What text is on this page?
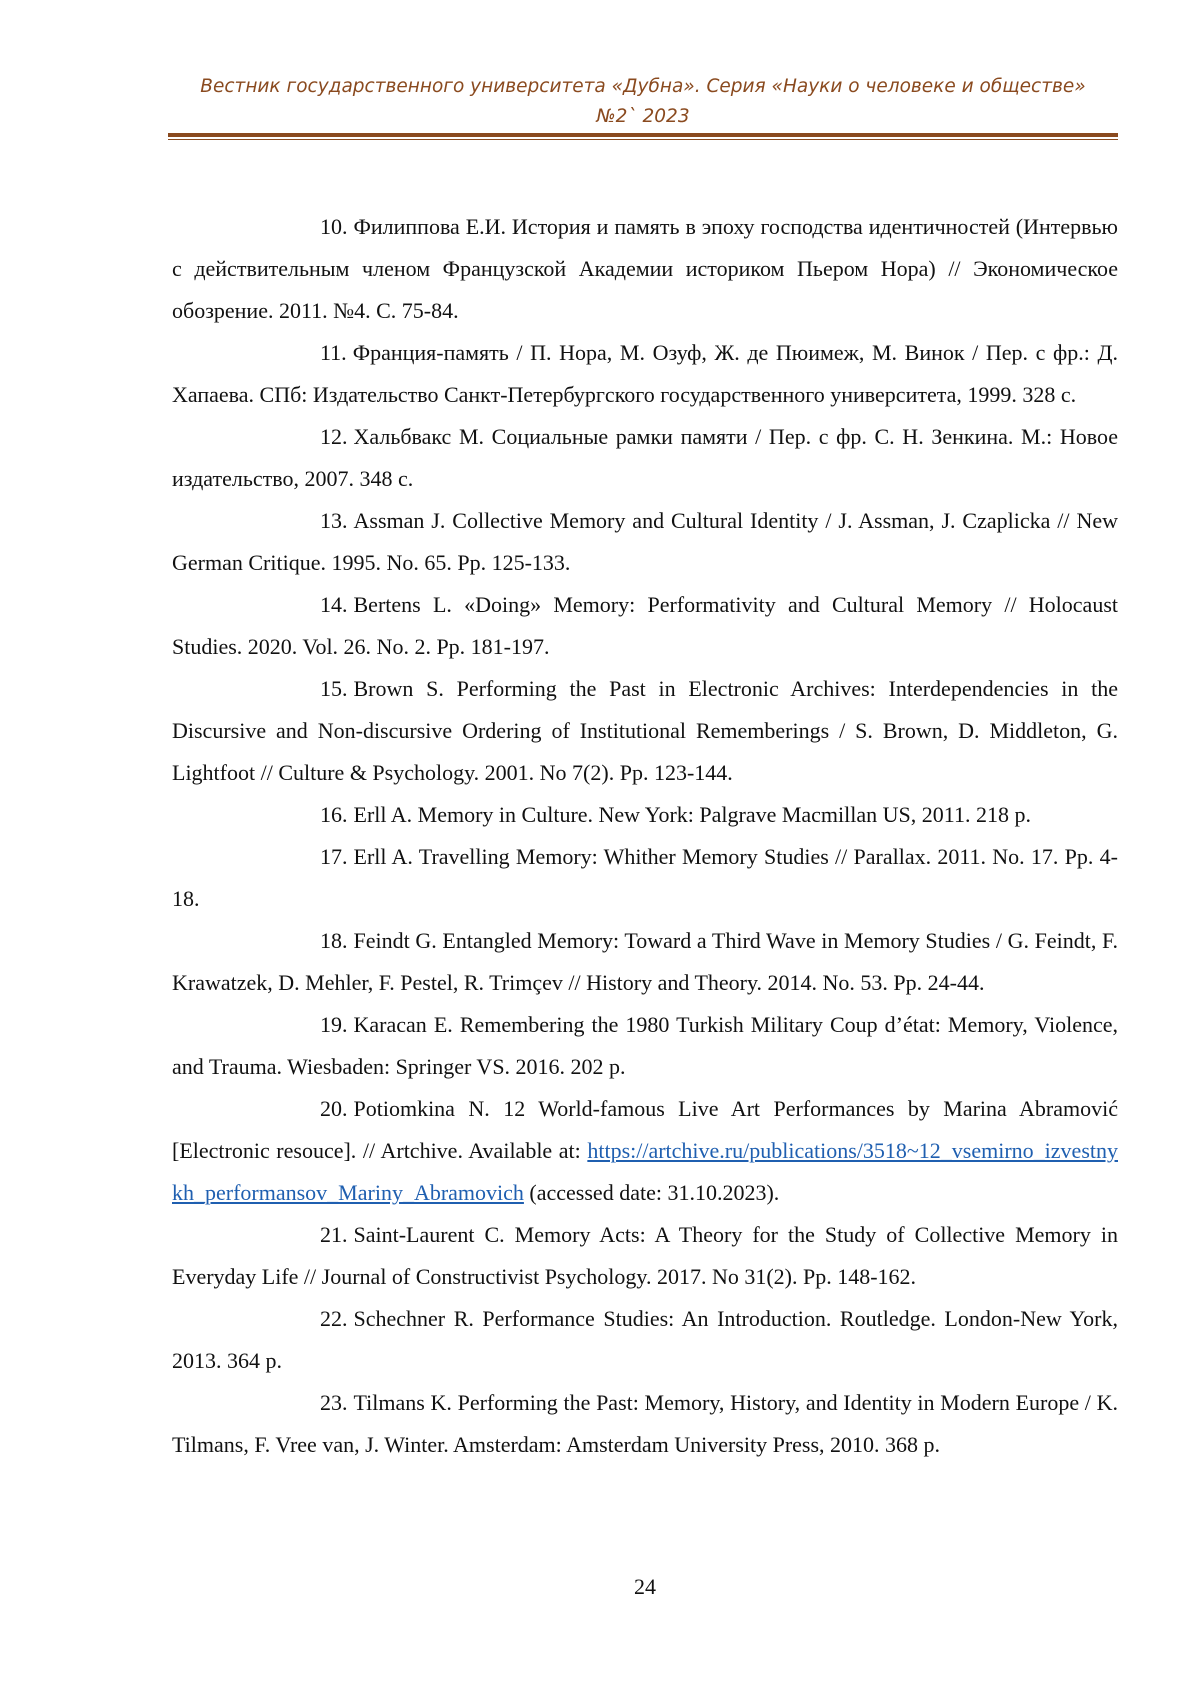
Вестник государственного университета «Дубна». Серия «Науки о человеке и обществе»
№2` 2023

10. Филиппова Е.И. История и память в эпоху господства идентичностей (Интервью с действительным членом Французской Академии историком Пьером Нора) // Экономическое обозрение. 2011. №4. С. 75-84.

11. Франция-память / П. Нора, М. Озуф, Ж. де Пюимеж, М. Винок / Пер. с фр.: Д. Хапаева. СПб: Издательство Санкт-Петербургского государственного университета, 1999. 328 с.

12. Хальбвакс М. Социальные рамки памяти / Пер. с фр. С. Н. Зенкина. М.: Новое издательство, 2007. 348 с.

13. Assman J. Collective Memory and Cultural Identity / J. Assman, J. Czaplicka // New German Critique. 1995. No. 65. Pp. 125-133.

14. Bertens L. «Doing» Memory: Performativity and Cultural Memory // Holocaust Studies. 2020. Vol. 26. No. 2. Pp. 181-197.

15. Brown S. Performing the Past in Electronic Archives: Interdependencies in the Discursive and Non-discursive Ordering of Institutional Rememberings / S. Brown, D. Middleton, G. Lightfoot // Culture & Psychology. 2001. No 7(2). Pp. 123-144.

16. Erll A. Memory in Culture. New York: Palgrave Macmillan US, 2011. 218 p.

17. Erll A. Travelling Memory: Whither Memory Studies // Parallax. 2011. No. 17. Pp. 4-18.

18. Feindt G. Entangled Memory: Toward a Third Wave in Memory Studies / G. Feindt, F. Krawatzek, D. Mehler, F. Pestel, R. Trimçev // History and Theory. 2014. No. 53. Pp. 24-44.

19. Karacan E. Remembering the 1980 Turkish Military Coup d’état: Memory, Violence, and Trauma. Wiesbaden: Springer VS. 2016. 202 p.

20. Potiomkina N. 12 World-famous Live Art Performances by Marina Abramović [Electronic resouce]. // Artchive. Available at: https://artchive.ru/publications/3518~12_vsemirno_izvestnykh_performansov_Mariny_Abramovich (accessed date: 31.10.2023).

21. Saint-Laurent C. Memory Acts: A Theory for the Study of Collective Memory in Everyday Life // Journal of Constructivist Psychology. 2017. No 31(2). Pp. 148-162.

22. Schechner R. Performance Studies: An Introduction. Routledge. London-New York, 2013. 364 p.

23. Tilmans K. Performing the Past: Memory, History, and Identity in Modern Europe / K. Tilmans, F. Vree van, J. Winter. Amsterdam: Amsterdam University Press, 2010. 368 p.

24
